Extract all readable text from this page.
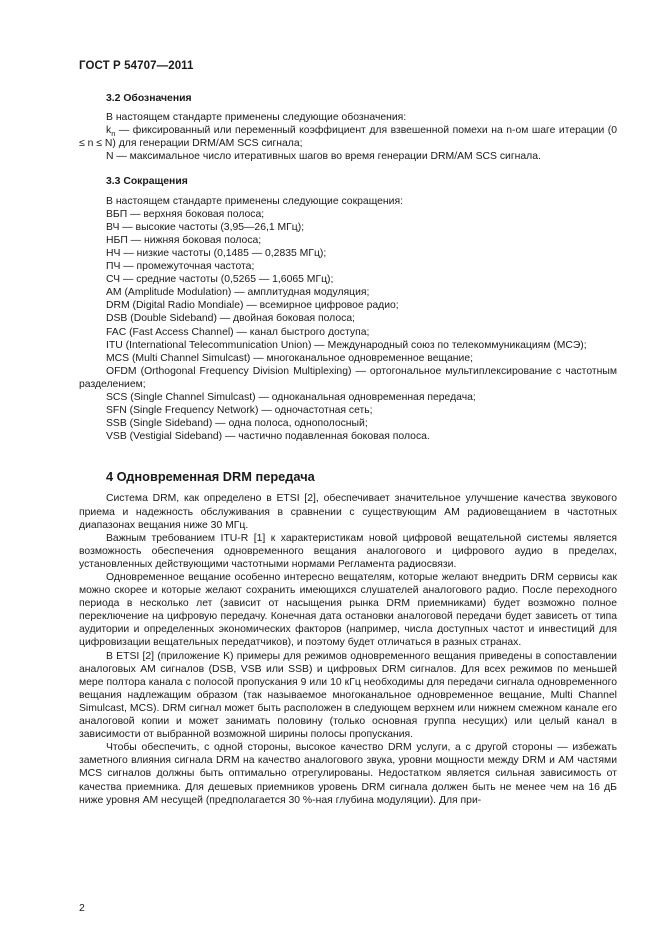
ГОСТ Р 54707—2011
3.2 Обозначения

В настоящем стандарте применены следующие обозначения:

$k_n$ — фиксированный или переменный коэффициент для взвешенной помехи на n-ом шаге итерации (0 ≤ n ≤ N) для генерации DRM/AM SCS сигнала;

N — максимальное число итеративных шагов во время генерации DRM/AM SCS сигнала.

3.3 Сокращения

В настоящем стандарте применены следующие сокращения:

ВБП — верхняя боковая полоса;

ВЧ — высокие частоты (3,95—26,1 МГц);

НБП — нижняя боковая полоса;

НЧ — низкие частоты (0,1485 — 0,2835 МГц);

ПЧ — промежуточная частота;

СЧ — средние частоты (0,5265 — 1,6065 МГц);

AM (Amplitude Modulation) — амплитудная модуляция;

DRM (Digital Radio Mondiale) — всемирное цифровое радио;

DSB (Double Sideband) — двойная боковая полоса;

FAC (Fast Access Channel) — канал быстрого доступа;

ITU (International Telecommunication Union) — Международный союз по телекоммуникациям (МСЭ);

MCS (Multi Channel Simulcast) — многоканальное одновременное вещание;

OFDM (Orthogonal Frequency Division Multiplexing) — ортогональное мультиплексирование с частотным разделением;

SCS (Single Channel Simulcast) — одноканальная одновременная передача;

SFN (Single Frequency Network) — одночастотная сеть;

SSB (Single Sideband) — одна полоса, однополосный;

VSB (Vestigial Sideband) — частично подавленная боковая полоса.

4 Одновременная DRM передача

Система DRM, как определено в ETSI [2], обеспечивает значительное улучшение качества звукового приема и надежность обслуживания в сравнении с существующим AM радиовещанием в частотных диапазонах вещания ниже 30 МГц.

Важным требованием ITU-R [1] к характеристикам новой цифровой вещательной системы является возможность обеспечения одновременного вещания аналогового и цифрового аудио в пределах, установленных действующими частотными нормами Регламента радиосвязи.

Одновременное вещание особенно интересно вещателям, которые желают внедрить DRM сервисы как можно скорее и которые желают сохранить имеющихся слушателей аналогового радио. После переходного периода в несколько лет (зависит от насыщения рынка DRM приемниками) будет возможно полное переключение на цифровую передачу. Конечная дата остановки аналоговой передачи будет зависеть от типа аудитории и определенных экономических факторов (например, числа доступных частот и инвестиций для цифровизации вещательных передатчиков), и поэтому будет отличаться в разных странах.

В ETSI [2] (приложение K) примеры для режимов одновременного вещания приведены в сопоставлении аналоговых AM сигналов (DSB, VSB или SSB) и цифровых DRM сигналов. Для всех режимов по меньшей мере полтора канала с полосой пропускания 9 или 10 кГц необходимы для передачи сигнала одновременного вещания надлежащим образом (так называемое многоканальное одновременное вещание, Multi Channel Simulcast, MCS). DRM сигнал может быть расположен в следующем верхнем или нижнем смежном канале его аналоговой копии и может занимать половину (только основная группа несущих) или целый канал в зависимости от выбранной возможной ширины полосы пропускания.

Чтобы обеспечить, с одной стороны, высокое качество DRM услуги, а с другой стороны — избежать заметного влияния сигнала DRM на качество аналогового звука, уровни мощности между DRM и AM частями MCS сигналов должны быть оптимально отрегулированы. Недостатком является сильная зависимость от качества приемника. Для дешевых приемников уровень DRM сигнала должен быть не менее чем на 16 дБ ниже уровня AM несущей (предполагается 30 %-ная глубина модуляции). Для при-

2
